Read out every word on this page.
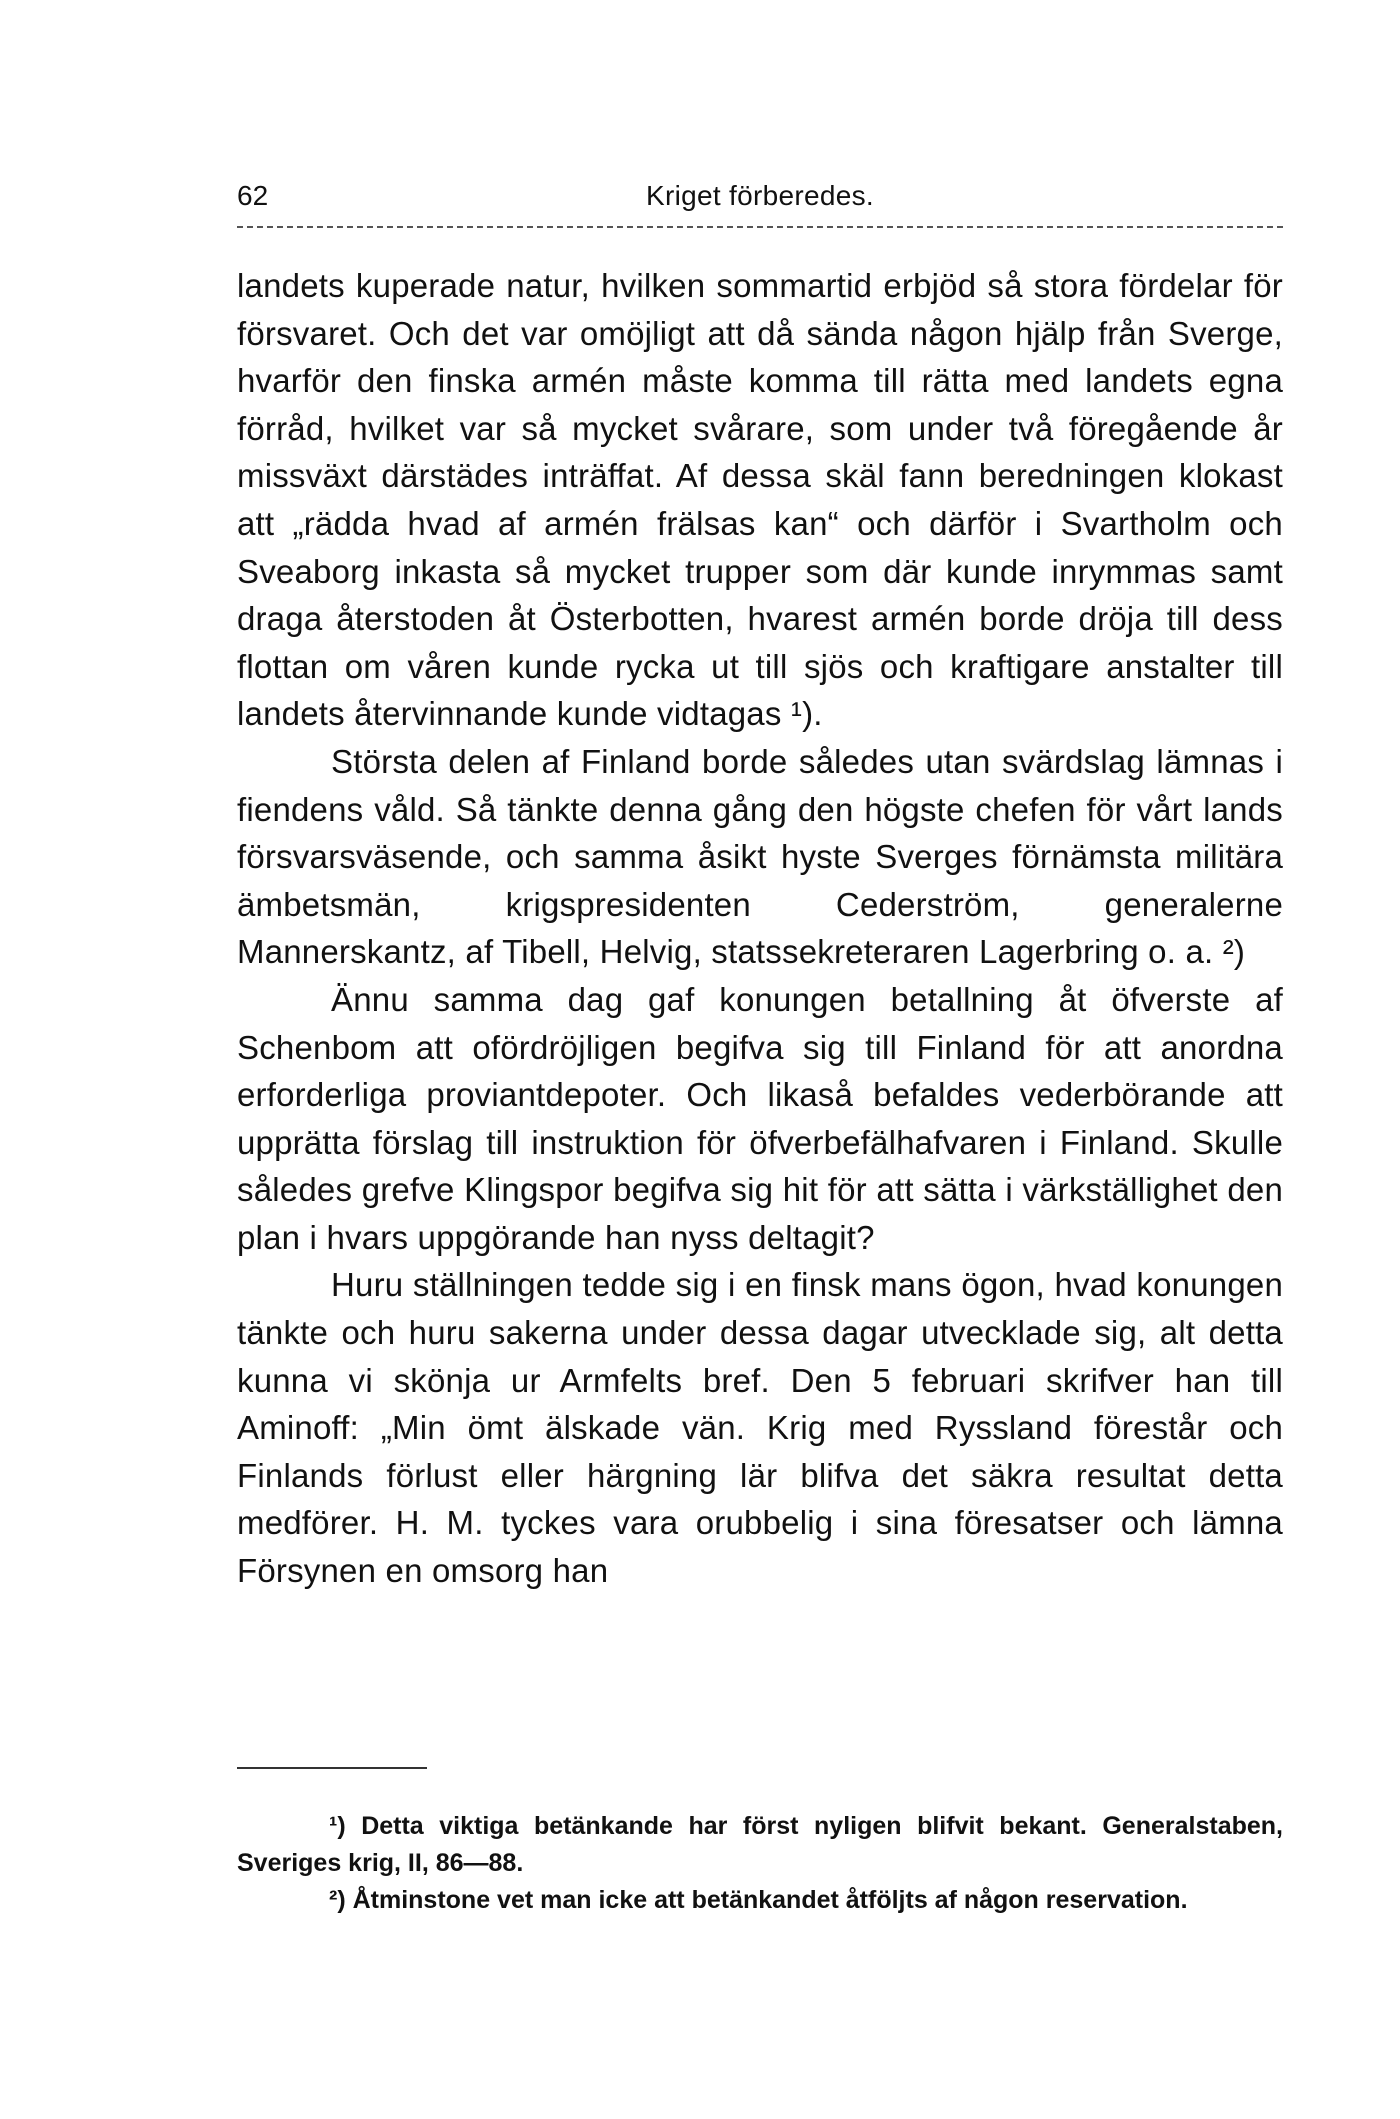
62	Kriget förberedes.

landets kuperade natur, hvilken sommartid erbjöd så stora fördelar för försvaret. Och det var omöjligt att då sända någon hjälp från Sverge, hvarför den finska armén måste komma till rätta med landets egna förråd, hvilket var så mycket svårare, som under två föregående år missväxt därstädes inträffat. Af dessa skäl fann beredningen klokast att „rädda hvad af armén frälsas kan“ och därför i Svartholm och Sveaborg inkasta så mycket trupper som där kunde inrymmas samt draga återstoden åt Österbotten, hvarest armén borde dröja till dess flottan om våren kunde rycka ut till sjös och kraftigare anstalter till landets återvinnande kunde vidtagas ¹).

Största delen af Finland borde således utan svärdslag lämnas i fiendens våld. Så tänkte denna gång den högste chefen för vårt lands försvarsväsende, och samma åsikt hyste Sverges förnämsta militära ämbetsmän, krigspresidenten Cederström, generalerne Mannerskantz, af Tibell, Helvig, statssekreteraren Lagerbring o. a. ²)

Ännu samma dag gaf konungen betallning åt öfverste af Schenbom att ofördröjligen begifva sig till Finland för att anordna erforderliga proviantdepoter. Och likaså befaldes vederbörande att upprätta förslag till instruktion för öfverbefälhafvaren i Finland. Skulle således grefve Klingspor begifva sig hit för att sätta i värkställighet den plan i hvars uppgörande han nyss deltagit?

Huru ställningen tedde sig i en finsk mans ögon, hvad konungen tänkte och huru sakerna under dessa dagar utvecklade sig, alt detta kunna vi skönja ur Armfelts bref. Den 5 februari skrifver han till Aminoff: „Min ömt älskade vän. Krig med Ryssland förestår och Finlands förlust eller härgning lär blifva det säkra resultat detta medförer. H. M. tyckes vara orubbelig i sina föresatser och lämna Försynen en omsorg han

¹) Detta viktiga betänkande har först nyligen blifvit bekant. Generalstaben, Sveriges krig, II, 86—88.

²) Åtminstone vet man icke att betänkandet åtföljts af någon reservation.
